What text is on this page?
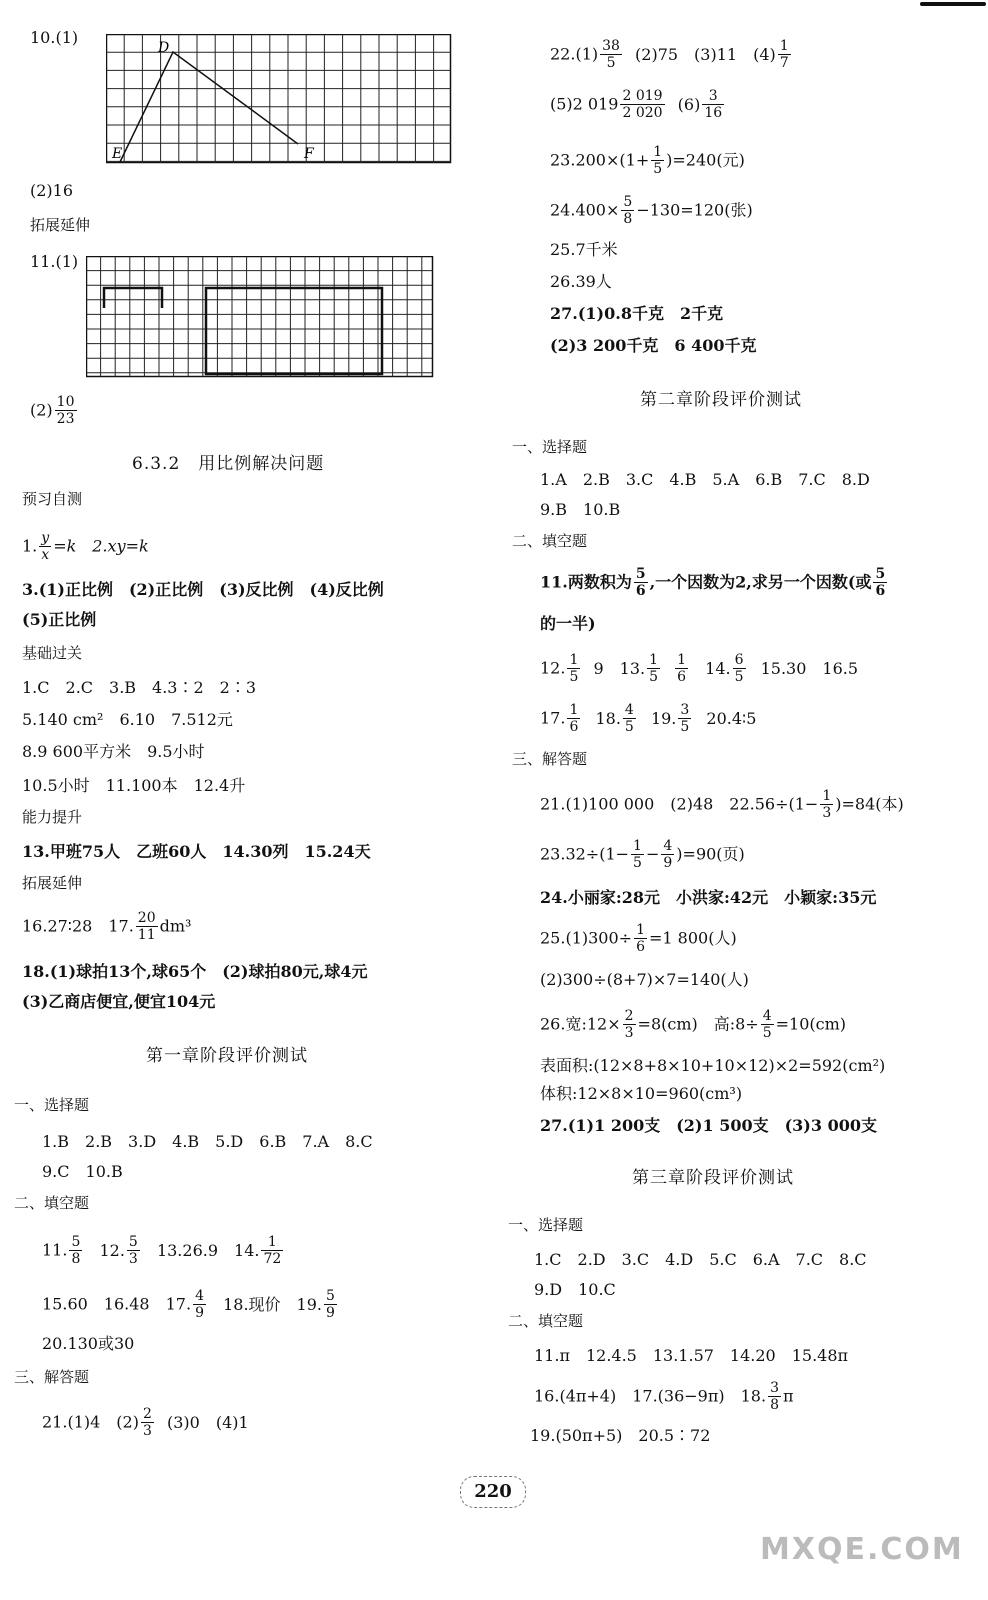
10.(1)
D
E	F
(2)16
拓展延伸
11.(1)
$(2) \frac{10}{23}$
6.3.2　用比例解决问题
预习自测
1. $\frac{y}{x} =k$　2.xy=k
3.(1)正比例　(2)正比例　(3)反比例　(4)反比例
(5)正比例
基础过关
1.C　2.C　3.B　4.3∶2　2∶3
5.140 cm²　6.10　7.512元
8.9 600平方米　9.5小时
10.5小时　11.100本　12.4升
能力提升
13.甲班75人　乙班60人　14.30列　15.24天
拓展延伸
16.27∶28　17. $\frac{20}{11} dm^3$
18.(1)球拍13个,球65个　(2)球拍80元,球4元
(3)乙商店便宜,便宜104元
第一章阶段评价测试
一、选择题
1.B　2.B　3.D　4.B　5.D　6.B　7.A　8.C
9.C　10.B
二、填空题
11. $\frac{5}{8} 12$. $\frac{5}{3} 13.26.9$　14. $\frac{1}{72}$
15.60　16.48　17. $\frac{4}{9} 18$.现价　19. $\frac{5}{9}$
20.130或30
三、解答题
21.(1)4　$(2) \frac{2}{3} (3)0$　(4)1
$22.(1) \frac{38}{5} (2)75$　(3)11　$(4) \frac{1}{7}$
(5)2 $019 \frac{2 019}{2 020} (6) \frac{3}{16}$
$23.200\times(1+ \frac{1}{5} )=240$(元)
$24.400\times \frac{5}{8} -130=120$(张)
25.7千米
26.39人
27.(1)0.8千克　2千克
(2)3 200千克　6 400千克
第二章阶段评价测试
一、选择题
1.A　2.B　3.C　4.B　5.A　6.B　7.C　8.D
9.B　10.B
二、填空题
11.两数积为 $\frac{5}{6}$ ,一个因数为2,求另一个因数(或 $\frac{5}{6}$
的一半)
12. $\frac{1}{5} 9$　13. $\frac{1}{5}$
$\frac{1}{6} 14$. $\frac{6}{5} 15.30$　16.5
17. $\frac{1}{6} 18$. $\frac{4}{5} 19$. $\frac{3}{5}$ 20.4∶5
三、解答题
21.(1)100 000　(2)48　$22.56\div(1- \frac{1}{3} )=84$(本)
$23.32\div(1- \frac{1}{5} - \frac{4}{9} )=90$(页)
24.小丽家:28元　小洪家:42元　小颖家:35元
$25.(1)300\div \frac{1}{6} =1$ 800(人)
(2)300÷(8+7)×7=140(人)
26.宽:12× $\frac{2}{3} =8(cm)$　高:8÷ $\frac{4}{5} =10(cm)$
表面积:(12×8+8×10+10×12)×2=592(cm²)
体积:12×8×10=960(cm³)
27.(1)1 200支　(2)1 500支　(3)3 000支
第三章阶段评价测试
一、选择题
1.C　2.D　3.C　4.D　5.C　6.A　7.C　8.C
9.D　10.C
二、填空题
11.π　12.4.5　13.1.57　14.20　15.48π
16.(4π+4)　17.(36−9π)　18. $\frac{3}{8}$ π
19.(50π+5)　20.5∶72
220
MXQE.COM
